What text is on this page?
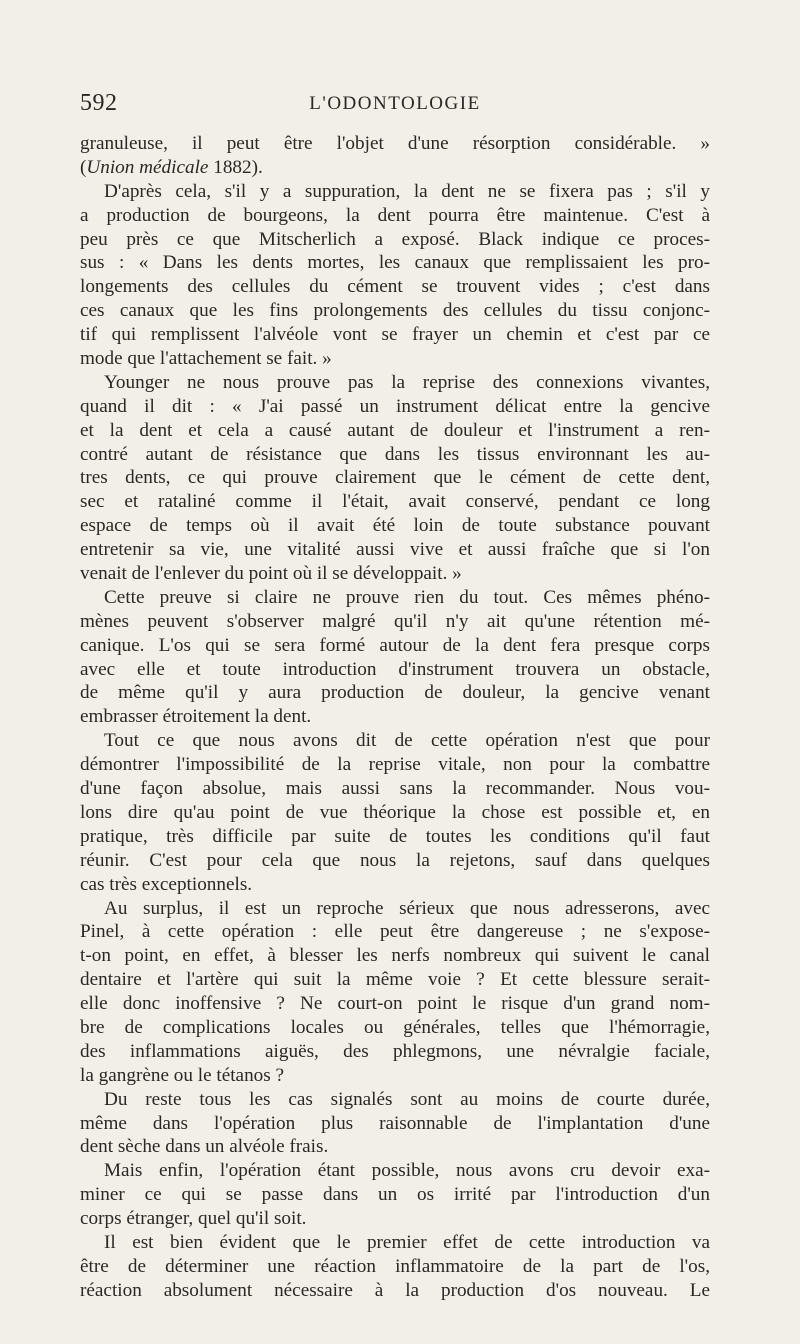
592	L'ODONTOLOGIE
granuleuse, il peut être l'objet d'une résorption considérable. »
(Union médicale 1882).
D'après cela, s'il y a suppuration, la dent ne se fixera pas ; s'il y
a production de bourgeons, la dent pourra être maintenue. C'est à
peu près ce que Mitscherlich a exposé. Black indique ce proces-
sus : « Dans les dents mortes, les canaux que remplissaient les pro-
longements des cellules du cément se trouvent vides ; c'est dans
ces canaux que les fins prolongements des cellules du tissu conjonc-
tif qui remplissent l'alvéole vont se frayer un chemin et c'est par ce
mode que l'attachement se fait. »
Younger ne nous prouve pas la reprise des connexions vivantes,
quand il dit : « J'ai passé un instrument délicat entre la gencive
et la dent et cela a causé autant de douleur et l'instrument a ren-
contré autant de résistance que dans les tissus environnant les au-
tres dents, ce qui prouve clairement que le cément de cette dent,
sec et rataliné comme il l'était, avait conservé, pendant ce long
espace de temps où il avait été loin de toute substance pouvant
entretenir sa vie, une vitalité aussi vive et aussi fraîche que si l'on
venait de l'enlever du point où il se développait. »
Cette preuve si claire ne prouve rien du tout. Ces mêmes phéno-
mènes peuvent s'observer malgré qu'il n'y ait qu'une rétention mé-
canique. L'os qui se sera formé autour de la dent fera presque corps
avec elle et toute introduction d'instrument trouvera un obstacle,
de même qu'il y aura production de douleur, la gencive venant
embrasser étroitement la dent.
Tout ce que nous avons dit de cette opération n'est que pour
démontrer l'impossibilité de la reprise vitale, non pour la combattre
d'une façon absolue, mais aussi sans la recommander. Nous vou-
lons dire qu'au point de vue théorique la chose est possible et, en
pratique, très difficile par suite de toutes les conditions qu'il faut
réunir. C'est pour cela que nous la rejetons, sauf dans quelques
cas très exceptionnels.
Au surplus, il est un reproche sérieux que nous adresserons, avec
Pinel, à cette opération : elle peut être dangereuse ; ne s'expose-
t-on point, en effet, à blesser les nerfs nombreux qui suivent le canal
dentaire et l'artère qui suit la même voie ? Et cette blessure serait-
elle donc inoffensive ? Ne court-on point le risque d'un grand nom-
bre de complications locales ou générales, telles que l'hémorragie,
des inflammations aiguës, des phlegmons, une névralgie faciale,
la gangrène ou le tétanos ?
Du reste tous les cas signalés sont au moins de courte durée,
même dans l'opération plus raisonnable de l'implantation d'une
dent sèche dans un alvéole frais.
Mais enfin, l'opération étant possible, nous avons cru devoir exa-
miner ce qui se passe dans un os irrité par l'introduction d'un
corps étranger, quel qu'il soit.
Il est bien évident que le premier effet de cette introduction va
être de déterminer une réaction inflammatoire de la part de l'os,
réaction absolument nécessaire à la production d'os nouveau. Le
